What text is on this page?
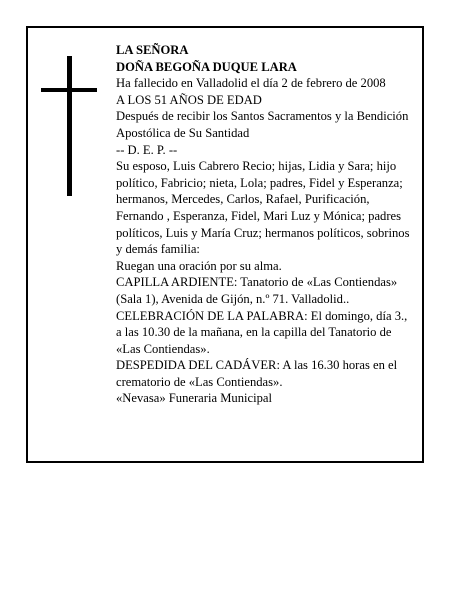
LA SEÑORA

DOÑA BEGOÑA DUQUE LARA

Ha fallecido en Valladolid el día 2 de febrero de 2008

A LOS 51 AÑOS DE EDAD

Después de recibir los Santos Sacramentos y la Bendición Apostólica de Su Santidad

-- D. E. P. --

Su esposo, Luis Cabrero Recio; hijas, Lidia y Sara; hijo político, Fabricio; nieta, Lola; padres, Fidel y Esperanza; hermanos, Mercedes, Carlos, Rafael, Purificación, Fernando , Esperanza, Fidel, Mari Luz y Mónica; padres políticos, Luis y María Cruz; hermanos políticos, sobrinos y demás familia:

Ruegan una oración por su alma.

CAPILLA ARDIENTE: Tanatorio de «Las Contiendas» (Sala 1), Avenida de Gijón, n.º 71. Valladolid..

CELEBRACIÓN DE LA PALABRA: El domingo, día 3., a las 10.30 de la mañana, en la capilla del Tanatorio de «Las Contiendas».

DESPEDIDA DEL CADÁVER: A las 16.30 horas en el crematorio de «Las Contiendas».

«Nevasa» Funeraria Municipal
